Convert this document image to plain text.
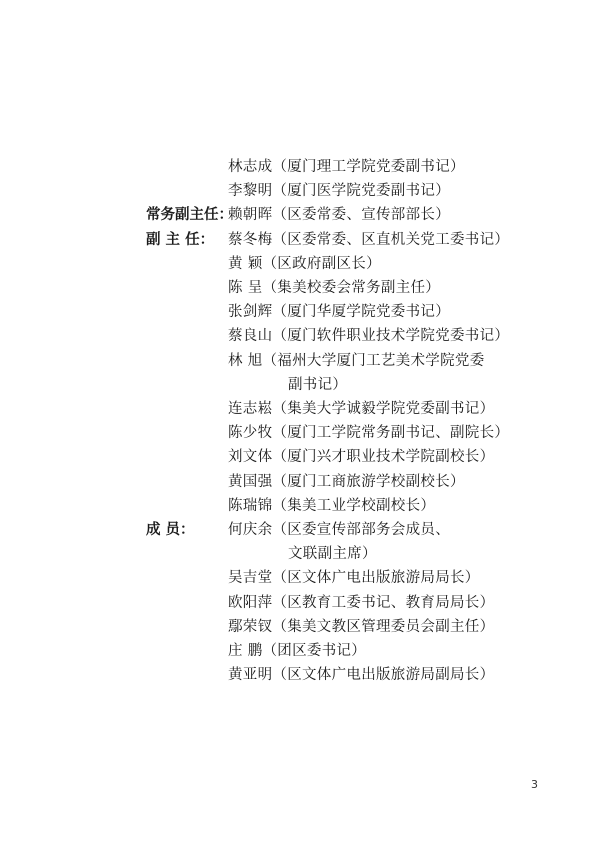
林志成（厦门理工学院党委副书记）
李黎明（厦门医学院党委副书记）
常务副主任：
赖朝晖（区委常委、宣传部部长）
副 主 任： 蔡冬梅（区委常委、区直机关党工委书记）
黄 颖（区政府副区长）
陈 呈（集美校委会常务副主任）
张剑辉（厦门华厦学院党委书记）
蔡良山（厦门软件职业技术学院党委书记）
林 旭（福州大学厦门工艺美术学院党委
副书记）
连志崧（集美大学诚毅学院党委副书记）
陈少牧（厦门工学院常务副书记、副院长）
刘文体（厦门兴才职业技术学院副校长）
黄国强（厦门工商旅游学校副校长）
陈瑞锦（集美工业学校副校长）
成 员： 何庆余（区委宣传部部务会成员、
文联副主席）
吴吉堂（区文体广电出版旅游局局长）
欧阳萍（区教育工委书记、教育局局长）
鄢荣钗（集美文教区管理委员会副主任）
庄 鹏（团区委书记）
黄亚明（区文体广电出版旅游局副局长）
3
